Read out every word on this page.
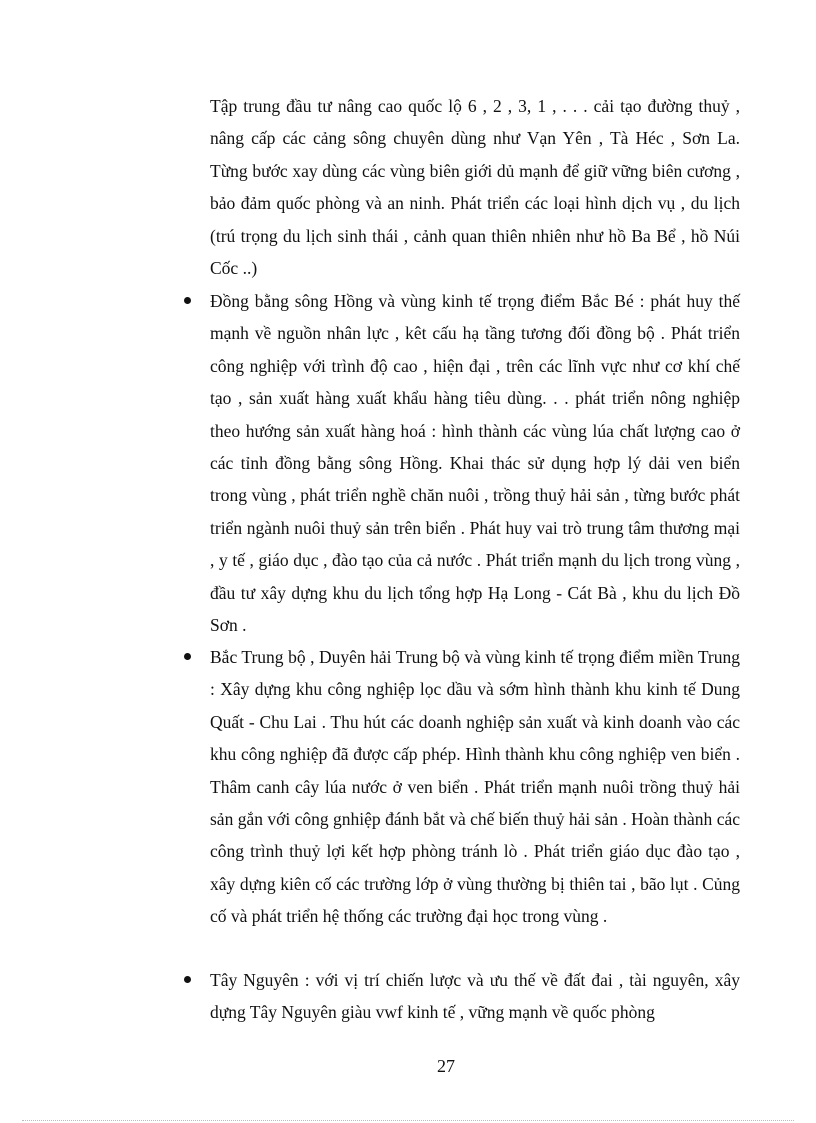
Tập trung đầu tư nâng cao quốc lộ 6 , 2 , 3, 1 , . . . cải tạo đường thuỷ , nâng cấp các cảng sông chuyên dùng như Vạn Yên , Tà Héc , Sơn La. Từng bước xay dùng các vùng biên giới dủ mạnh để giữ vững biên cương , bảo đảm quốc phòng và an ninh. Phát triển các loại hình dịch vụ , du lịch (trú trọng du lịch sinh thái , cảnh quan thiên nhiên như hồ Ba Bể , hồ Núi Cốc ..)

Đồng bằng sông Hồng và vùng kinh tế trọng điểm Bắc Bé : phát huy thế mạnh về nguồn nhân lực , kêt cấu hạ tầng tương đối đồng bộ . Phát triển công nghiệp với trình độ cao , hiện đại , trên các lĩnh vực như cơ khí chế tạo , sản xuất hàng xuất khẩu hàng tiêu dùng. . . phát triển nông nghiệp theo hướng sản xuất hàng hoá : hình thành các vùng lúa chất lượng cao ở các tỉnh đồng bằng sông Hồng. Khai thác sử dụng hợp lý dải ven biển trong vùng , phát triển nghề chăn nuôi , trồng thuỷ hải sản , từng bước phát triển ngành nuôi thuỷ sản trên biển . Phát huy vai trò trung tâm thương mại , y tế , giáo dục , đào tạo của cả nước . Phát triển mạnh du lịch trong vùng , đầu tư xây dựng khu du lịch tổng hợp Hạ Long - Cát Bà , khu du lịch Đồ Sơn .

Bắc Trung bộ , Duyên hải Trung bộ và vùng kinh tế trọng điểm miền Trung : Xây dựng khu công nghiệp lọc dầu và sớm hình thành khu kinh tế Dung Quất - Chu Lai . Thu hút các doanh nghiệp sản xuất và kinh doanh vào các khu công nghiệp đã được cấp phép. Hình thành khu công nghiệp ven biển . Thâm canh cây lúa nước ở ven biển . Phát triển mạnh nuôi trồng thuỷ hải sản gắn với công gnhiệp đánh bắt và chế biến thuỷ hải sản . Hoàn thành các công trình thuỷ lợi kết hợp phòng tránh lò . Phát triển giáo dục đào tạo , xây dựng kiên cố các trường lớp ở vùng thường bị thiên tai , bão lụt . Củng cố và phát triển hệ thống các trường đại học trong vùng .

Tây Nguyên : với vị trí chiến lược và ưu thế về đất đai , tài nguyên, xây dựng Tây Nguyên giàu vwf kinh tế , vững mạnh về quốc phòng

27
